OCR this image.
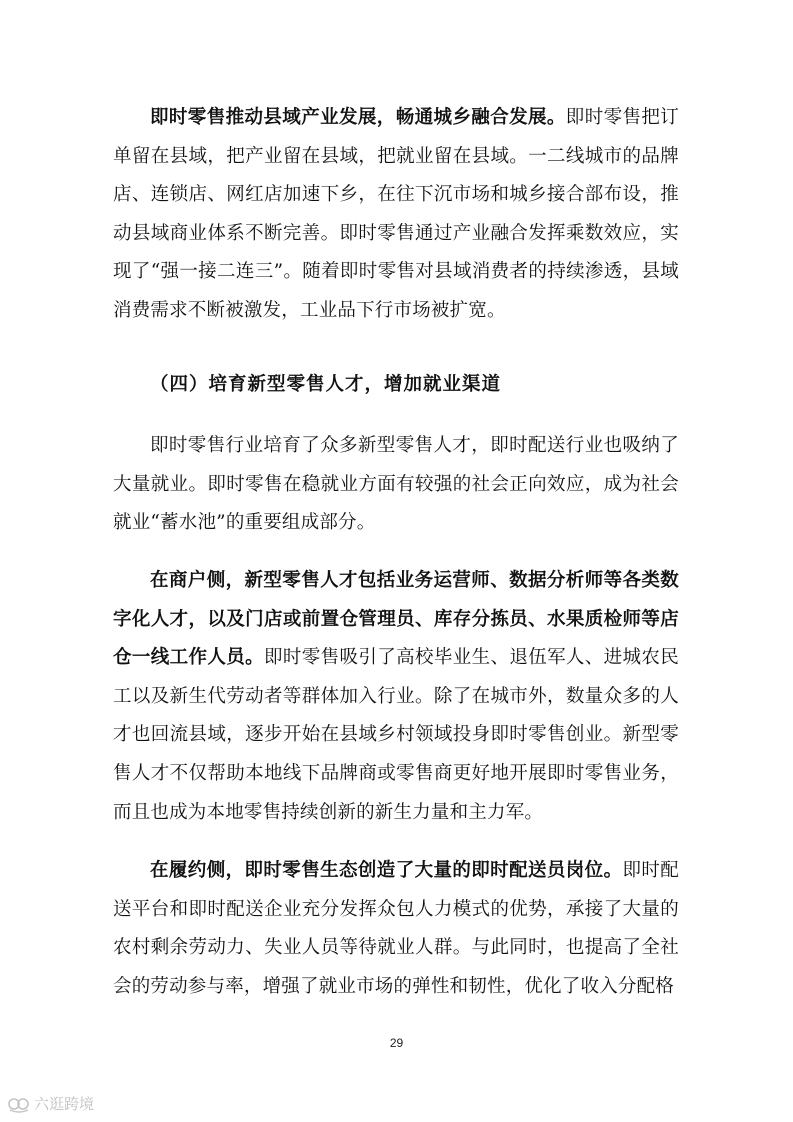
即时零售推动县域产业发展，畅通城乡融合发展。即时零售把订单留在县域，把产业留在县域，把就业留在县域。一二线城市的品牌店、连锁店、网红店加速下乡，在往下沉市场和城乡接合部布设，推动县域商业体系不断完善。即时零售通过产业融合发挥乘数效应，实现了“强一接二连三”。随着即时零售对县域消费者的持续渗透，县域消费需求不断被激发，工业品下行市场被扩宽。

（四）培育新型零售人才，增加就业渠道

即时零售行业培育了众多新型零售人才，即时配送行业也吸纳了大量就业。即时零售在稳就业方面有较强的社会正向效应，成为社会就业“蓄水池”的重要组成部分。

在商户侧，新型零售人才包括业务运营师、数据分析师等各类数字化人才，以及门店或前置仓管理员、库存分拣员、水果质检师等店仓一线工作人员。即时零售吸引了高校毕业生、退伍军人、进城农民工以及新生代劳动者等群体加入行业。除了在城市外，数量众多的人才也回流县域，逐步开始在县域乡村领域投身即时零售创业。新型零售人才不仅帮助本地线下品牌商或零售商更好地开展即时零售业务，而且也成为本地零售持续创新的新生力量和主力军。

在履约侧，即时零售生态创造了大量的即时配送员岗位。即时配送平台和即时配送企业充分发挥众包人力模式的优势，承接了大量的农村剩余劳动力、失业人员等待就业人群。与此同时，也提高了全社会的劳动参与率，增强了就业市场的弹性和韧性，优化了收入分配格

29
六逛跨境
